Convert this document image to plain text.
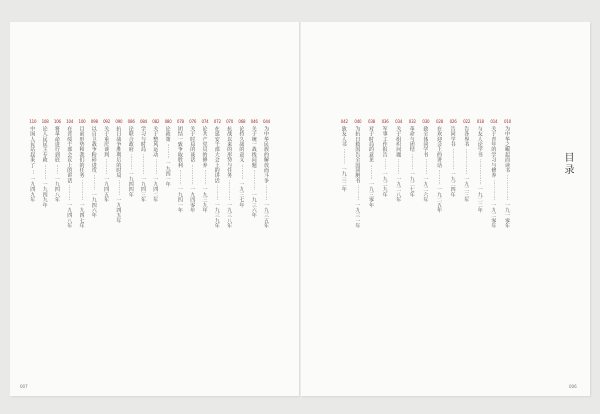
目录
010
为中华之崛起而读书 ⋯⋯⋯⋯⋯ 一九一零年
014
关于青年的学习与修养 ⋯⋯⋯⋯ 一九二零年
018
与友人论学书 ⋯⋯⋯⋯⋯ 一九二二年
022
告各界书 ⋯⋯⋯⋯⋯ 一九二三年
026
告同学书 ⋯⋯⋯⋯ 一九二四年
028
在欢迎会上的讲话 ⋯⋯⋯ 一九二五年
030
致全体同学书 ⋯⋯⋯ 一九二六年
032
革命与团结 ⋯⋯⋯ 一九二七年
034
关于组织问题 ⋯⋯⋯ 一九二八年
036
军事工作报告 ⋯⋯ 一九二九年
038
对于时局的意见 ⋯⋯⋯ 一九三零年
040
为抗日救国告全国同胞书 ⋯⋯⋯ 一九三一年
042
致友人书 ⋯⋯⋯ 一九三二年
044
为中华民族的解放而斗争 ⋯⋯⋯ 一九三五年
046
关于统一战线问题 ⋯⋯⋯⋯ 一九三六年
068
论持久战的意义 ⋯⋯⋯ 一九三七年
070
抗战以来的形势与任务 ⋯⋯⋯⋯ 一九三八年
072
在延安干部大会上的讲话 ⋯⋯⋯ 一九三九年
074
论共产党员的修养 ⋯⋯⋯ 一九三九年
076
关于时局的谈话 ⋯⋯⋯⋯ 一九四零年
078
团结一致争取胜利 ⋯⋯⋯ 一九四一年
080
论政策 ⋯⋯⋯ 一九四一年
082
关于整风运动 ⋯⋯⋯ 一九四二年
084
学习与时局 ⋯⋯⋯⋯ 一九四三年
086
论联合政府 ⋯⋯⋯ 一九四四年
090
抗日战争胜利后的时局 ⋯⋯⋯ 一九四五年
092
关于重庆谈判 ⋯⋯⋯ 一九四五年
098
以自卫战争粉碎进攻 ⋯⋯⋯ 一九四六年
100
目前形势和我们的任务 ⋯⋯⋯⋯ 一九四七年
104
在晋绥干部会议上的讲话 ⋯⋯⋯ 一九四八年
106
将革命进行到底 ⋯⋯ 一九四八年
108
论人民民主专政 ⋯⋯⋯ 一九四九年
110
中国人民站起来了 ⋯ 一九四九年
007	006
